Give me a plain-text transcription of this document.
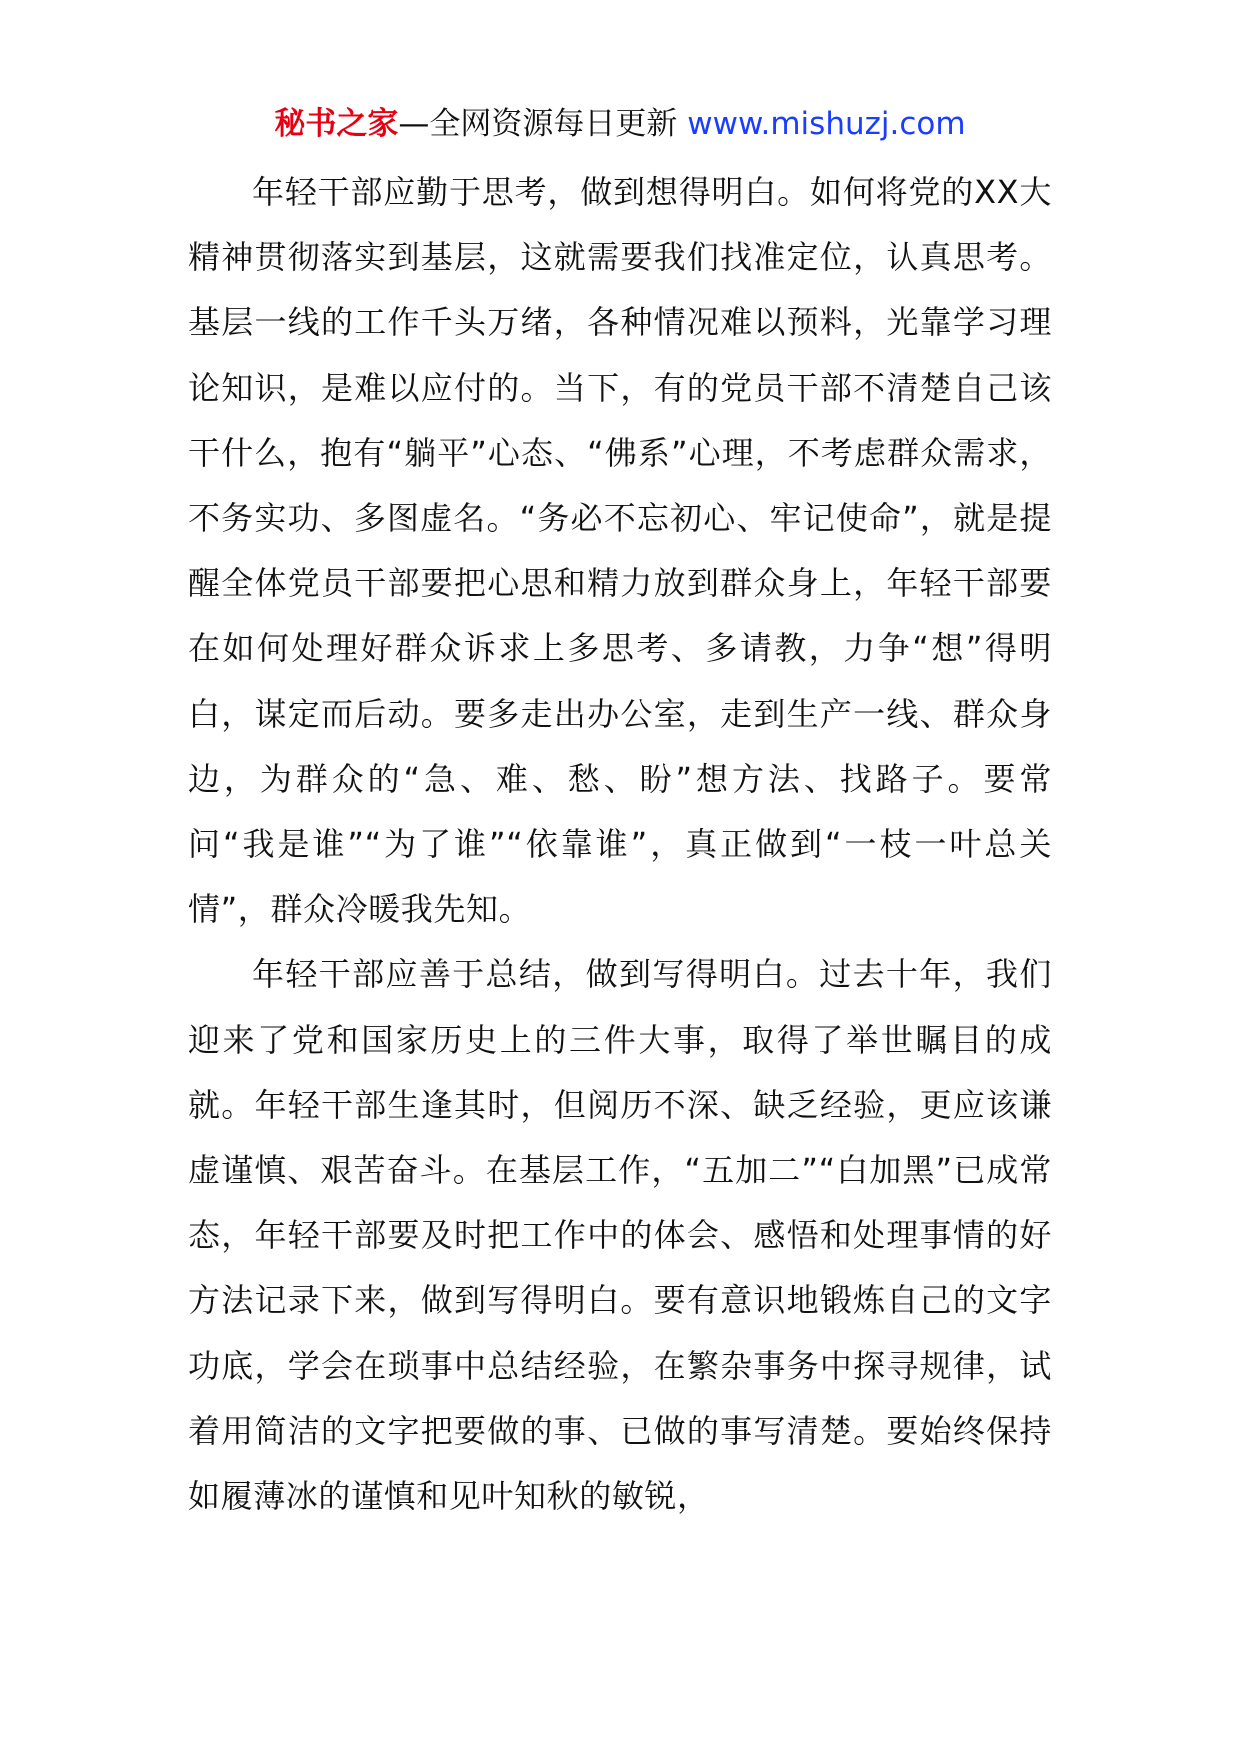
秘书之家—全网资源每日更新 www.mishuzj.com

年轻干部应勤于思考，做到想得明白。如何将党的XX大精神贯彻落实到基层，这就需要我们找准定位，认真思考。基层一线的工作千头万绪，各种情况难以预料，光靠学习理论知识，是难以应付的。当下，有的党员干部不清楚自己该干什么，抱有“躺平”心态、“佛系”心理，不考虑群众需求，不务实功、多图虚名。“务必不忘初心、牢记使命”，就是提醒全体党员干部要把心思和精力放到群众身上，年轻干部要在如何处理好群众诉求上多思考、多请教，力争“想”得明白，谋定而后动。要多走出办公室，走到生产一线、群众身边，为群众的“急、难、愁、盼”想方法、找路子。要常问“我是谁”“为了谁”“依靠谁”，真正做到“一枝一叶总关情”，群众冷暖我先知。

年轻干部应善于总结，做到写得明白。过去十年，我们迎来了党和国家历史上的三件大事，取得了举世瞩目的成就。年轻干部生逢其时，但阅历不深、缺乏经验，更应该谦虚谨慎、艰苦奋斗。在基层工作，“五加二”“白加黑”已成常态，年轻干部要及时把工作中的体会、感悟和处理事情的好方法记录下来，做到写得明白。要有意识地锻炼自己的文字功底，学会在琐事中总结经验，在繁杂事务中探寻规律，试着用简洁的文字把要做的事、已做的事写清楚。要始终保持如履薄冰的谨慎和见叶知秋的敏锐，
